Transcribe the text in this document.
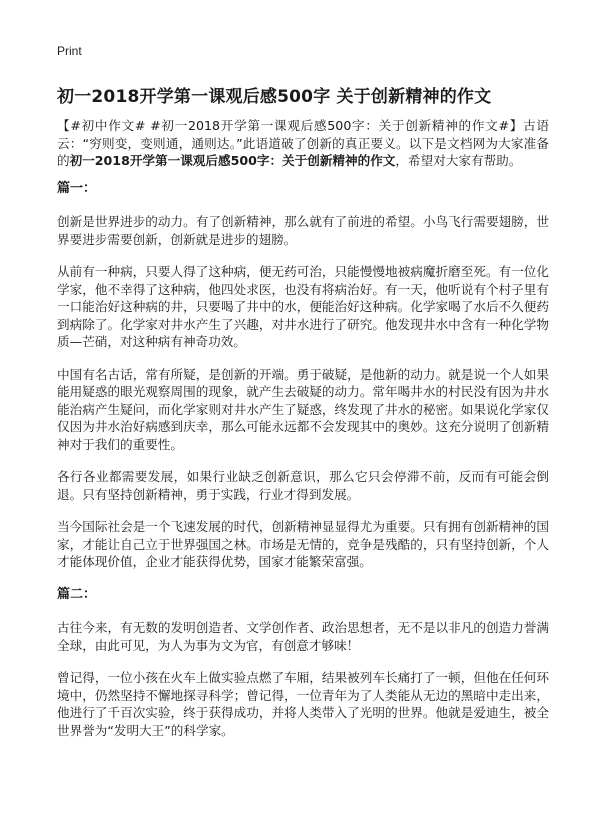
Print
初一2018开学第一课观后感500字 关于创新精神的作文

【#初中作文# #初一2018开学第一课观后感500字：关于创新精神的作文#】古语云：“穷则变，变则通，通则达。”此语道破了创新的真正要义。以下是文档网为大家准备的初一2018开学第一课观后感500字：关于创新精神的作文，希望对大家有帮助。

篇一：

创新是世界进步的动力。有了创新精神，那么就有了前进的希望。小鸟飞行需要翅膀，世界要进步需要创新，创新就是进步的翅膀。

从前有一种病，只要人得了这种病，便无药可治，只能慢慢地被病魔折磨至死。有一位化学家，他不幸得了这种病，他四处求医，也没有将病治好。有一天，他听说有个村子里有一口能治好这种病的井，只要喝了井中的水，便能治好这种病。化学家喝了水后不久便药到病除了。化学家对井水产生了兴趣，对井水进行了研究。他发现井水中含有一种化学物质—芒硝，对这种病有神奇功效。

中国有名古话，常有所疑，是创新的开端。勇于破疑，是他新的动力。就是说一个人如果能用疑惑的眼光观察周围的现象，就产生去破疑的动力。常年喝井水的村民没有因为井水能治病产生疑问，而化学家则对井水产生了疑惑，终发现了井水的秘密。如果说化学家仅仅因为井水治好病感到庆幸，那么可能永远都不会发现其中的奥妙。这充分说明了创新精神对于我们的重要性。

各行各业都需要发展，如果行业缺乏创新意识，那么它只会停滞不前，反而有可能会倒退。只有坚持创新精神，勇于实践，行业才得到发展。

当今国际社会是一个飞速发展的时代，创新精神显显得尤为重要。只有拥有创新精神的国家，才能让自己立于世界强国之林。市场是无情的，竞争是残酷的，只有坚持创新，个人才能体现价值，企业才能获得优势，国家才能繁荣富强。

篇二：

古往今来，有无数的发明创造者、文学创作者、政治思想者，无不是以非凡的创造力誉满全球，由此可见，为人为事为文为官，有创意才够味！

曾记得，一位小孩在火车上做实验点燃了车厢，结果被列车长痛打了一顿，但他在任何环境中，仍然坚持不懈地探寻科学；曾记得，一位青年为了人类能从无边的黑暗中走出来，他进行了千百次实验，终于获得成功，并将人类带入了光明的世界。他就是爱迪生，被全世界誉为“发明大王”的科学家。
